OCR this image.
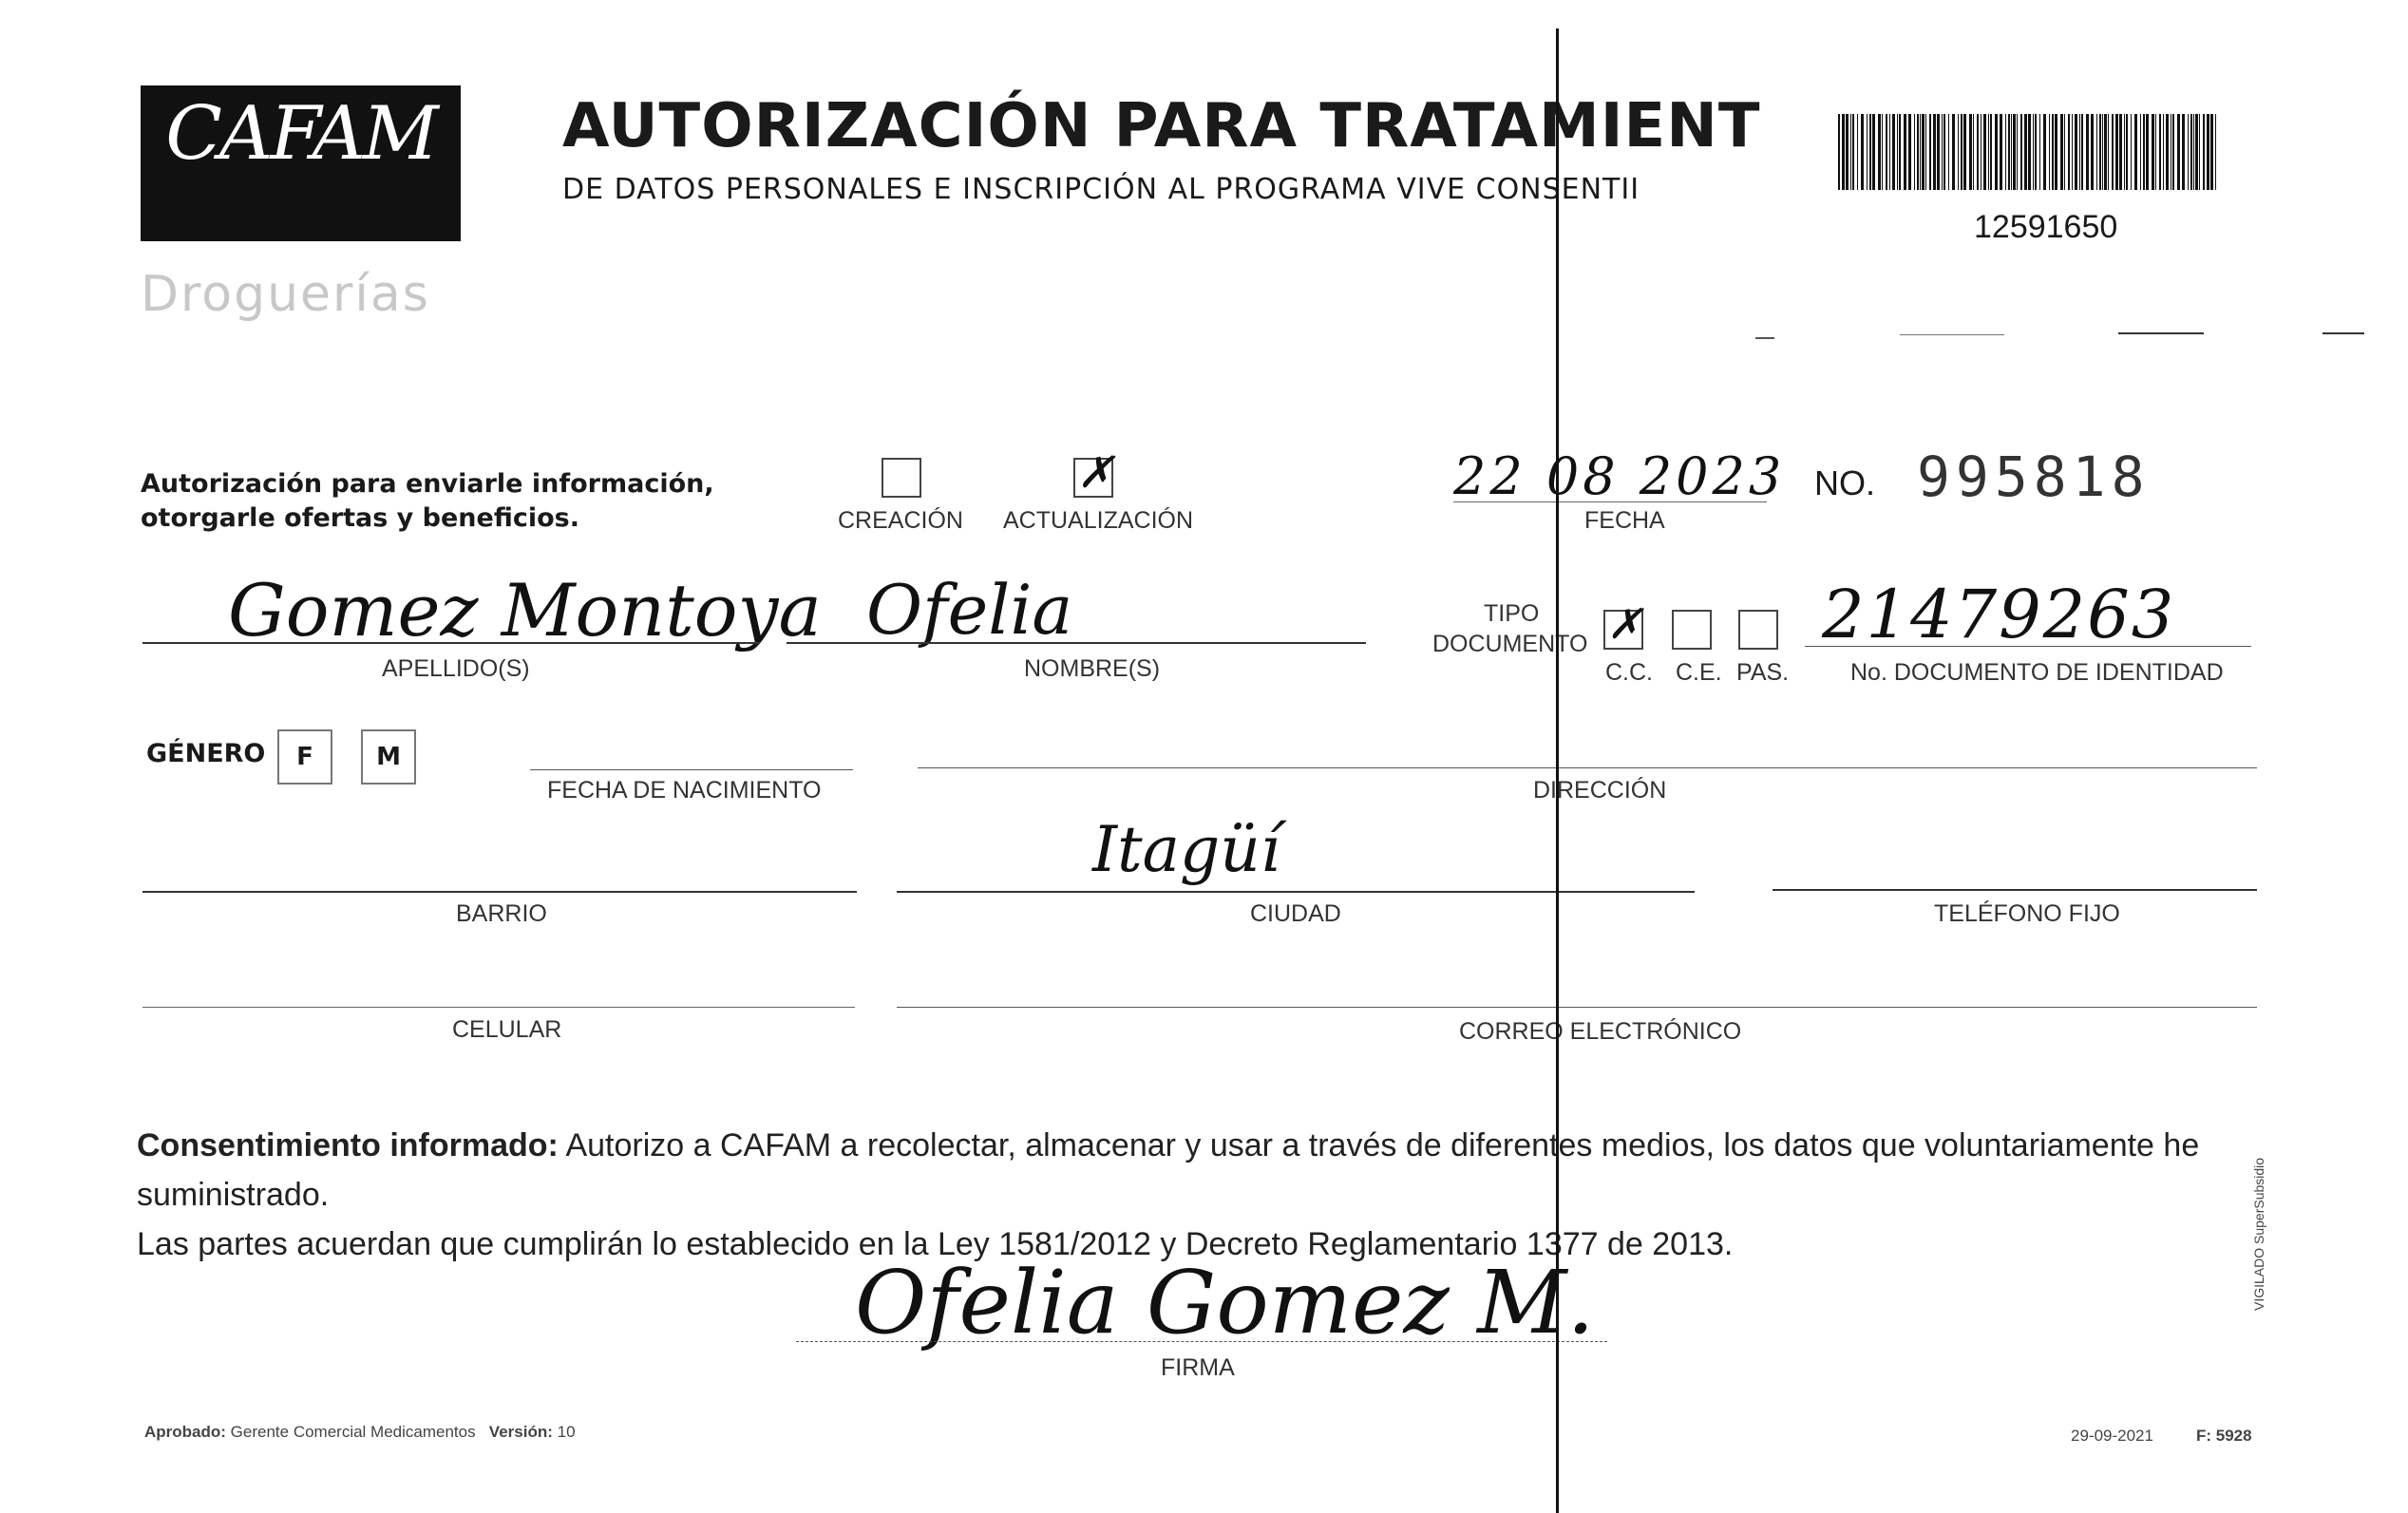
CAFAM
Droguerías
AUTORIZACIÓN PARA TRATAMIENT
DE DATOS PERSONALES E INSCRIPCIÓN AL PROGRAMA VIVE CONSENTII
12591650
Autorización para enviarle información,
otorgarle ofertas y beneficios.	CREACIÓN
✗
ACTUALIZACIÓN
22 08 2023
FECHA
NO. 995818
Gomez Montoya
APELLIDO(S)
Ofelia
NOMBRE(S)
TIPO
DOCUMENTO ✗
C.C. C.E. PAS.
21479263
No. DOCUMENTO DE IDENTIDAD
GÉNERO	F	M
FECHA DE NACIMIENTO	DIRECCIÓN
BARRIO
Itagüí
CIUDAD	TELÉFONO FIJO
CELULAR	CORREO ELECTRÓNICO
Consentimiento informado: Autorizo a CAFAM a recolectar, almacenar y usar a través de diferentes medios, los datos que voluntariamente he suministrado.
Las partes acuerdan que cumplirán lo establecido en la Ley 1581/2012 y Decreto Reglamentario 1377 de 2013.
Ofelia Gomez M.
FIRMA
Aprobado: Gerente Comercial Medicamentos Versión: 10	29-09-2021	F: 5928
VIGILADO SuperSubsidio
